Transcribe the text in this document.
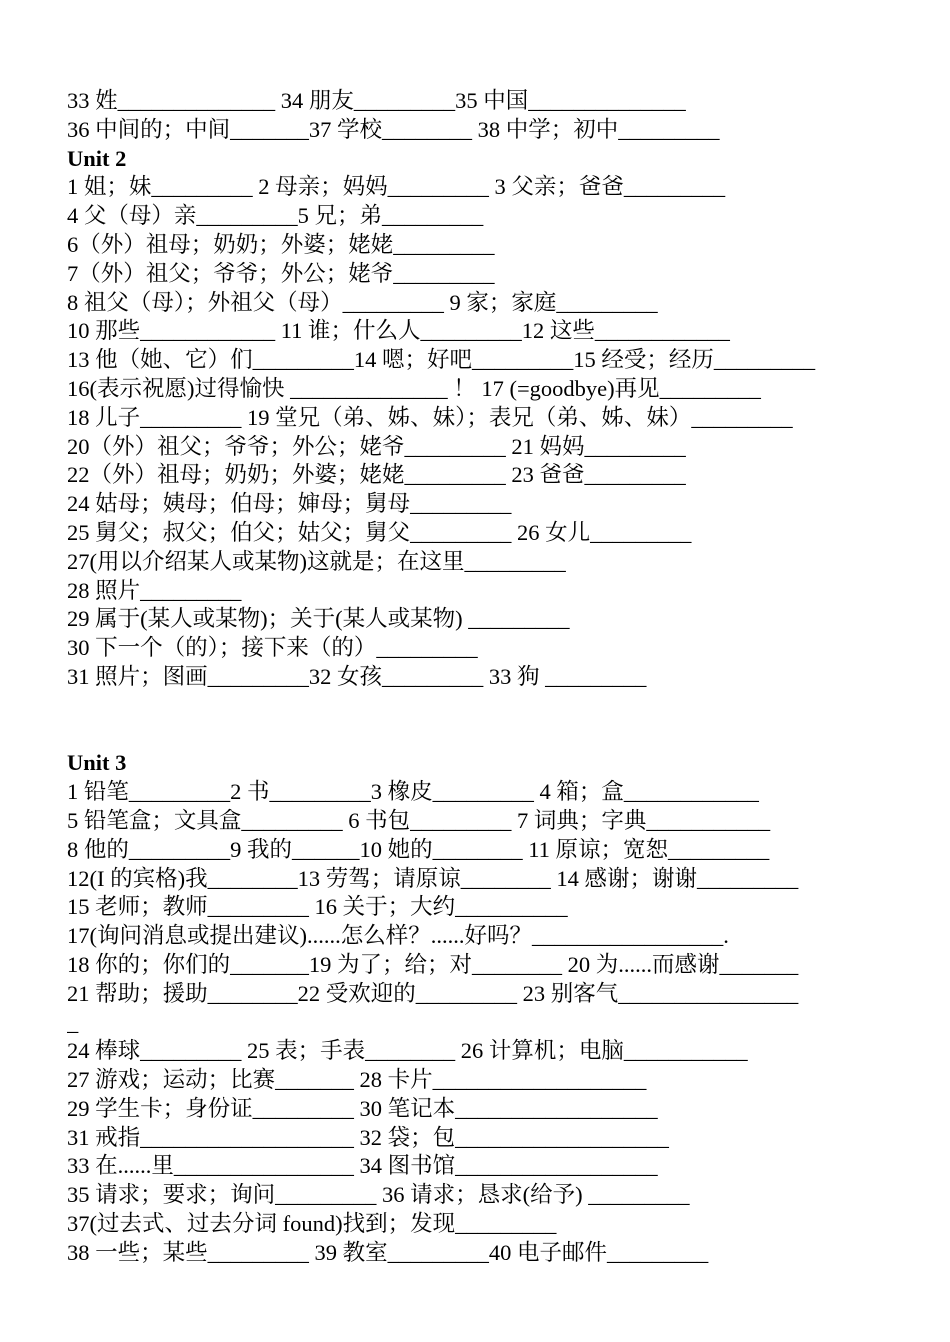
33 姓______________ 34 朋友_________35 中国______________
36 中间的；中间_______37 学校________ 38 中学；初中_________
Unit 2
1 姐；妹_________ 2 母亲；妈妈_________ 3 父亲；爸爸_________
4 父（母）亲_________5 兄；弟_________
6（外）祖母；奶奶；外婆；姥姥_________
7（外）祖父；爷爷；外公；姥爷_________
8 祖父（母）；外祖父（母）_________ 9 家；家庭_________
10 那些____________ 11 谁；什么人_________12 这些____________
13 他（她、它）们_________14 嗯；好吧_________15 经受；经历_________
16(表示祝愿)过得愉快 ______________ ！ 17 (=goodbye)再见_________
18 儿子_________ 19 堂兄（弟、姊、妹）；表兄（弟、姊、妹）_________
20（外）祖父；爷爷；外公；姥爷_________ 21 妈妈_________
22（外）祖母；奶奶；外婆；姥姥_________ 23 爸爸_________
24 姑母；姨母；伯母；婶母；舅母_________
25 舅父；叔父；伯父；姑父；舅父_________ 26 女儿_________
27(用以介绍某人或某物)这就是；在这里_________
28 照片_________
29 属于(某人或某物)；关于(某人或某物) _________
30 下一个（的）；接下来（的）_________
31 照片；图画_________32 女孩_________ 33 狗 _________
Unit 3
1 铅笔_________2 书_________3 橡皮_________ 4 箱；盒____________
5 铅笔盒；文具盒_________ 6 书包_________ 7 词典；字典___________
8 他的_________9 我的______10 她的________ 11 原谅；宽恕_________
12(I 的宾格)我________13 劳驾；请原谅________ 14 感谢；谢谢_________
15 老师；教师_________ 16 关于；大约__________
17(询问消息或提出建议)......怎么样？......好吗？_________________.
18 你的；你们的_______19 为了；给；对________ 20 为......而感谢_______
21 帮助；援助________22 受欢迎的_________ 23 别客气________________
_
24 棒球_________ 25 表；手表________ 26 计算机；电脑___________
27 游戏；运动；比赛_______ 28 卡片___________________
29 学生卡；身份证_________ 30 笔记本__________________
31 戒指___________________ 32 袋；包___________________
33 在......里________________ 34 图书馆__________________
35 请求；要求；询问_________ 36 请求；恳求(给予) _________
37(过去式、过去分词 found)找到；发现_________
38 一些；某些_________ 39 教室_________40 电子邮件_________
